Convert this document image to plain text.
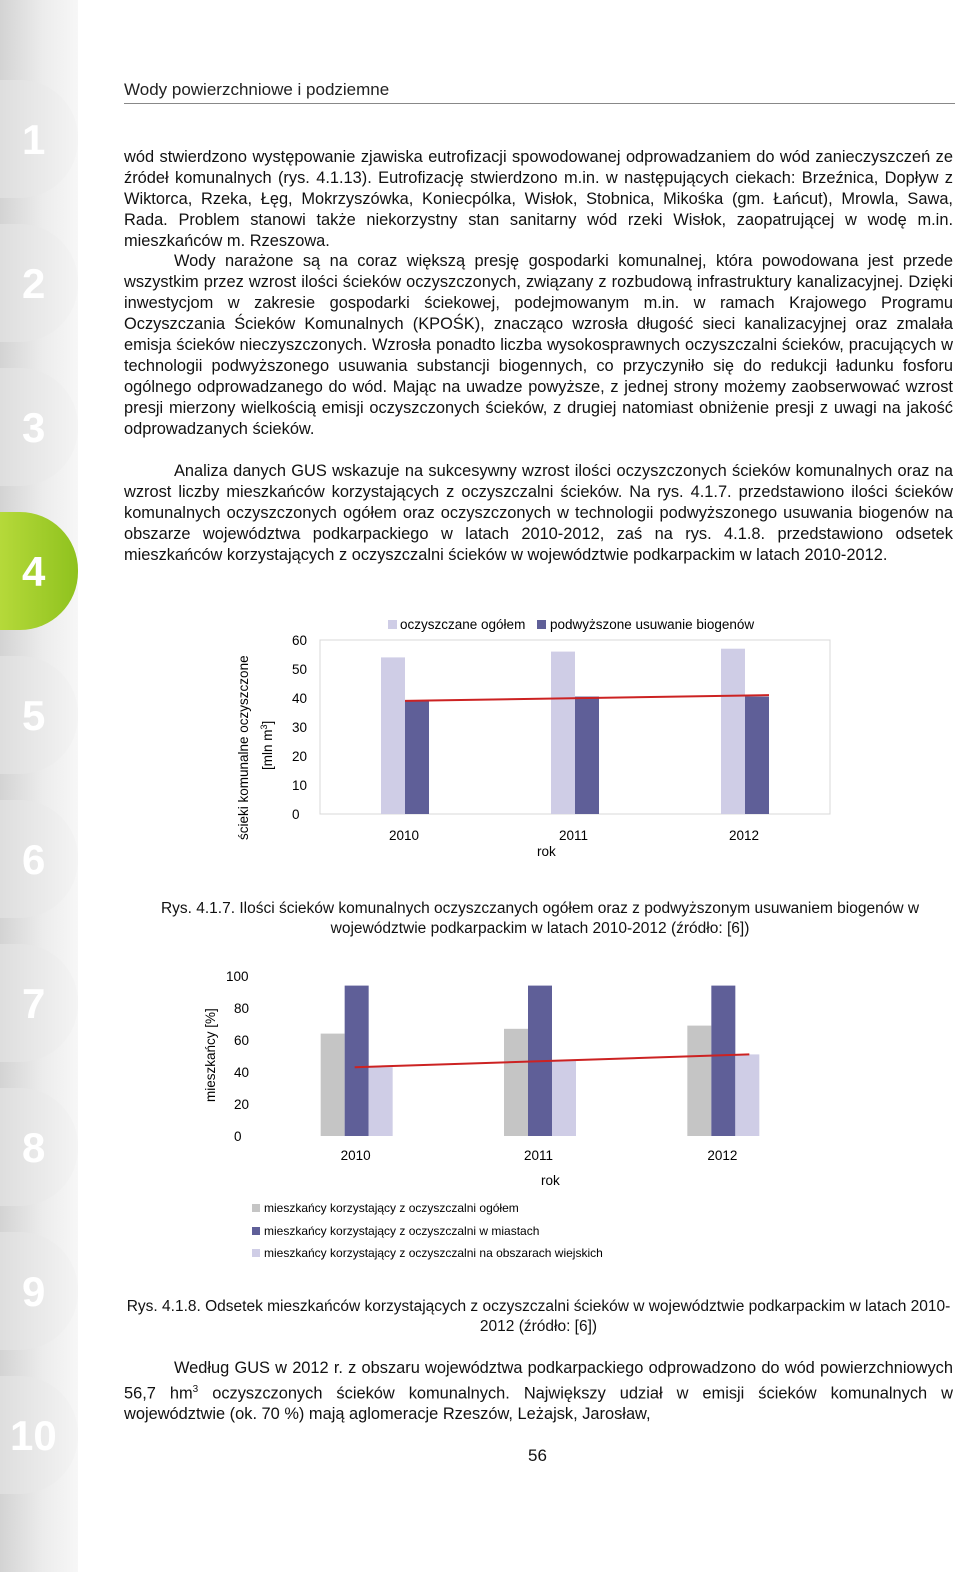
1
2
3
4
5
6
7
8
9
10
Wody powierzchniowe i podziemne
wód stwierdzono występowanie zjawiska eutrofizacji spowodowanej odprowadzaniem do wód zanieczyszczeń ze źródeł komunalnych (rys. 4.1.13). Eutrofizację stwierdzono m.in. w następujących ciekach: Brzeźnica, Dopływ z Wiktorca, Rzeka, Łęg, Mokrzyszówka, Koniecpólka, Wisłok, Stobnica, Mikośka (gm. Łańcut), Mrowla, Sawa, Rada. Problem stanowi także niekorzystny stan sanitarny wód rzeki Wisłok, zaopatrującej w wodę m.in. mieszkańców m. Rzeszowa.
Wody narażone są na coraz większą presję gospodarki komunalnej, która powodowana jest przede wszystkim przez wzrost ilości ścieków oczyszczonych, związany z rozbudową infrastruktury kanalizacyjnej. Dzięki inwestycjom w zakresie gospodarki ściekowej, podejmowanym m.in. w ramach Krajowego Programu Oczyszczania Ścieków Komunalnych (KPOŚK), znacząco wzrosła długość sieci kanalizacyjnej oraz zmalała emisja ścieków nieczyszczonych. Wzrosła ponadto liczba wysokosprawnych oczyszczalni ścieków, pracujących w technologii podwyższonego usuwania substancji biogennych, co przyczyniło się do redukcji ładunku fosforu ogólnego odprowadzanego do wód. Mając na uwadze powyższe, z jednej strony możemy zaobserwować wzrost presji mierzony wielkością emisji oczyszczonych ścieków, z drugiej natomiast obniżenie presji z uwagi na jakość odprowadzanych ścieków.
Analiza danych GUS wskazuje na sukcesywny wzrost ilości oczyszczonych ścieków komunalnych oraz na wzrost liczby mieszkańców korzystających z oczyszczalni ścieków. Na rys. 4.1.7. przedstawiono ilości ścieków komunalnych oczyszczonych ogółem oraz oczyszczonych w technologii podwyższonego usuwania biogenów na obszarze województwa podkarpackiego w latach 2010-2012, zaś na rys. 4.1.8. przedstawiono odsetek mieszkańców korzystających z oczyszczalni ścieków w województwie podkarpackim w latach 2010-2012.
0
10
20
30
40
50
60
2010	2011	2012
oczyszczane ogółem podwyższone usuwanie biogenów
ścieki komunalne oczyszczone [mln $m^3$]
rok
Rys. 4.1.7. Ilości ścieków komunalnych oczyszczanych ogółem oraz z podwyższonym usuwaniem biogenów w województwie podkarpackim w latach 2010-2012 (źródło: [6])
0
20
40
60
80
100
2010	2011	2012
mieszkańcy [%]
rok
mieszkańcy korzystający z oczyszczalni ogółem
mieszkańcy korzystający z oczyszczalni w miastach
mieszkańcy korzystający z oczyszczalni na obszarach wiejskich
Rys. 4.1.8. Odsetek mieszkańców korzystających z oczyszczalni ścieków w województwie podkarpackim w latach 2010-2012 (źródło: [6])
Według GUS w 2012 r. z obszaru województwa podkarpackiego odprowadzono do wód powierzchniowych 56,7 $hm^3$ oczyszczonych ścieków komunalnych. Największy udział w emisji ścieków komunalnych w województwie (ok. 70 %) mają aglomeracje Rzeszów, Leżajsk, Jarosław,
56
